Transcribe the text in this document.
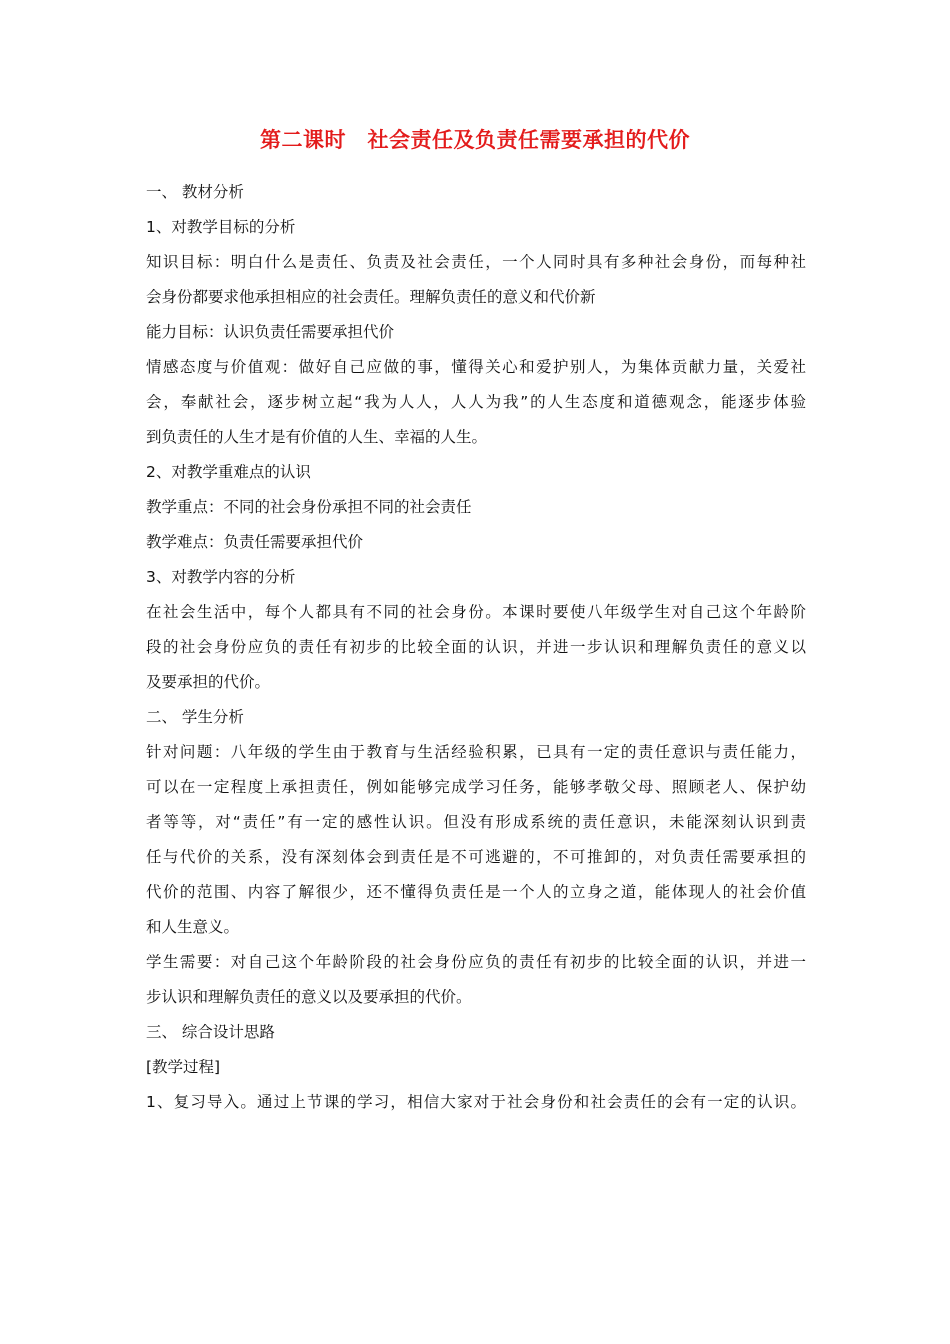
第二课时　社会责任及负责任需要承担的代价
一、 教材分析
1、对教学目标的分析
知识目标：明白什么是责任、负责及社会责任，一个人同时具有多种社会身份，而每种社
会身份都要求他承担相应的社会责任。理解负责任的意义和代价新
能力目标：认识负责任需要承担代价
情感态度与价值观：做好自己应做的事，懂得关心和爱护别人，为集体贡献力量，关爱社
会，奉献社会，逐步树立起“我为人人，人人为我”的人生态度和道德观念，能逐步体验
到负责任的人生才是有价值的人生、幸福的人生。
2、对教学重难点的认识
教学重点：不同的社会身份承担不同的社会责任
教学难点：负责任需要承担代价
3、对教学内容的分析
在社会生活中，每个人都具有不同的社会身份。本课时要使八年级学生对自己这个年龄阶
段的社会身份应负的责任有初步的比较全面的认识，并进一步认识和理解负责任的意义以
及要承担的代价。
二、 学生分析
针对问题：八年级的学生由于教育与生活经验积累，已具有一定的责任意识与责任能力，
可以在一定程度上承担责任，例如能够完成学习任务，能够孝敬父母、照顾老人、保护幼
者等等，对“责任”有一定的感性认识。但没有形成系统的责任意识，未能深刻认识到责
任与代价的关系，没有深刻体会到责任是不可逃避的，不可推卸的，对负责任需要承担的
代价的范围、内容了解很少，还不懂得负责任是一个人的立身之道，能体现人的社会价值
和人生意义。
学生需要：对自己这个年龄阶段的社会身份应负的责任有初步的比较全面的认识，并进一
步认识和理解负责任的意义以及要承担的代价。
三、 综合设计思路
[教学过程]
1、复习导入。通过上节课的学习，相信大家对于社会身份和社会责任的会有一定的认识。
